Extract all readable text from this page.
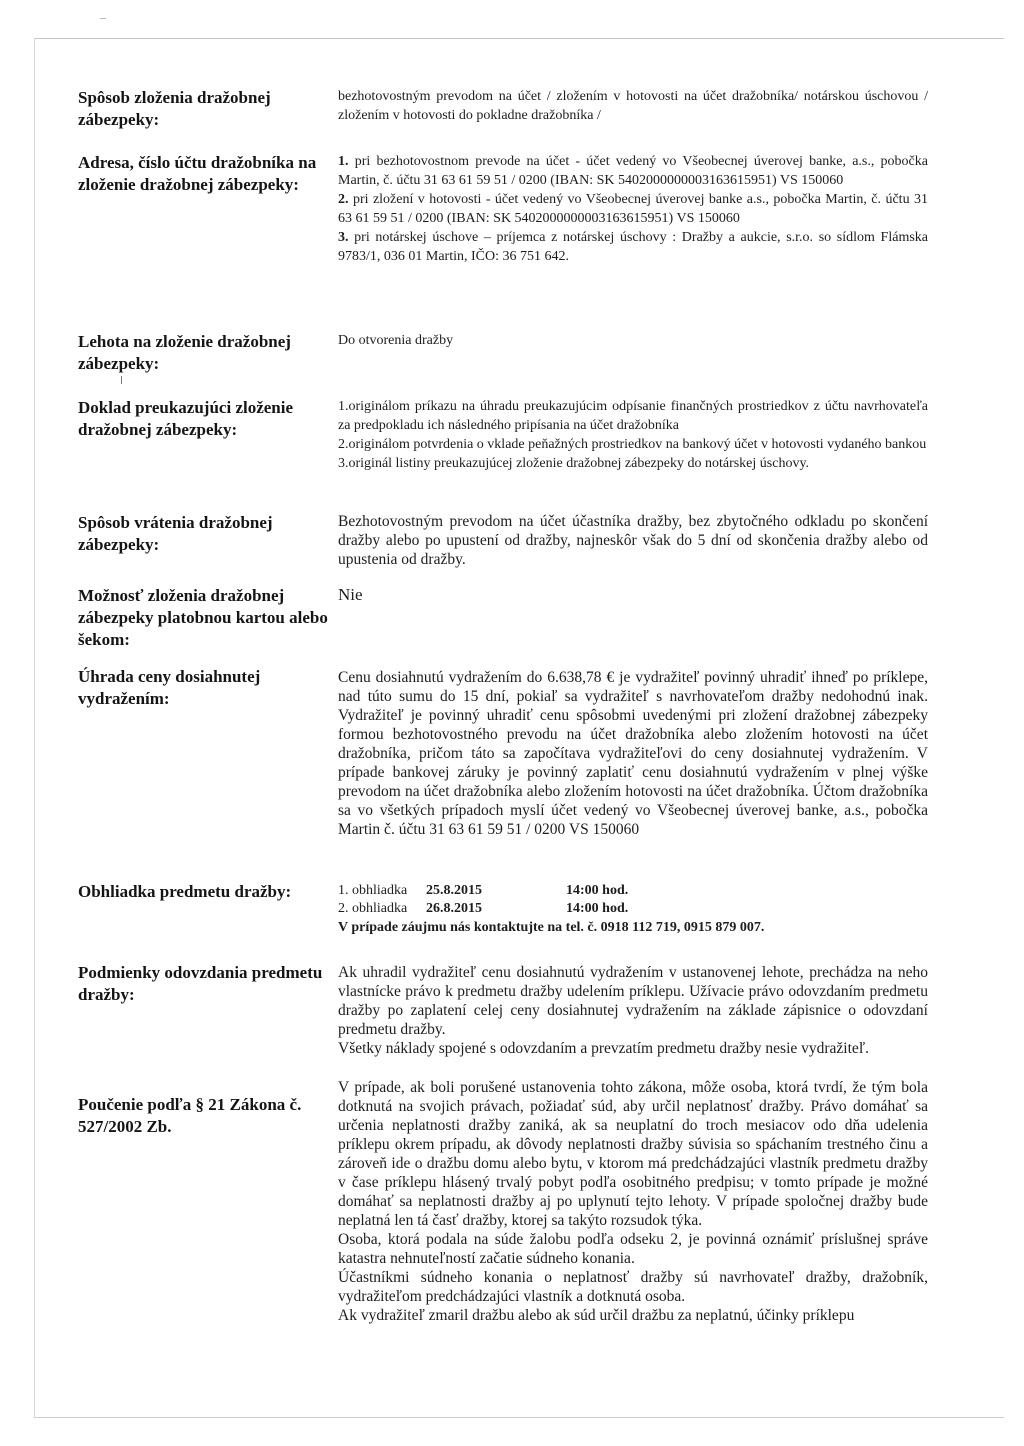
Spôsob zloženia dražobnej zábezpeky:

bezhotovostným prevodom na účet / zložením v hotovosti na účet dražobníka/ notárskou úschovou / zložením v hotovosti do pokladne dražobníka /

Adresa, číslo účtu dražobníka na zloženie dražobnej zábezpeky:

1. pri bezhotovostnom prevode na účet - účet vedený vo Všeobecnej úverovej banke, a.s., pobočka Martin, č. účtu 31 63 61 59 51 / 0200 (IBAN: SK 5402000000003163615951) VS 150060

2. pri zložení v hotovosti - účet vedený vo Všeobecnej úverovej banke a.s., pobočka Martin, č. účtu 31 63 61 59 51 / 0200 (IBAN: SK 5402000000003163615951) VS 150060

3. pri notárskej úschove – príjemca z notárskej úschovy : Dražby a aukcie, s.r.o. so sídlom Flámska 9783/1, 036 01 Martin, IČO: 36 751 642.

Lehota na zloženie dražobnej zábezpeky:

Do otvorenia dražby

Doklad preukazujúci zloženie dražobnej zábezpeky:

1.originálom príkazu na úhradu preukazujúcim odpísanie finančných prostriedkov z účtu navrhovateľa za predpokladu ich následného pripísania na účet dražobníka

2.originálom potvrdenia o vklade peňažných prostriedkov na bankový účet v hotovosti vydaného bankou

3.originál listiny preukazujúcej zloženie dražobnej zábezpeky do notárskej úschovy.

Spôsob vrátenia dražobnej zábezpeky:

Bezhotovostným prevodom na účet účastníka dražby, bez zbytočného odkladu po skončení dražby alebo po upustení od dražby, najneskôr však do 5 dní od skončenia dražby alebo od upustenia od dražby.

Možnosť zloženia dražobnej zábezpeky platobnou kartou alebo šekom:

Nie

Úhrada ceny dosiahnutej vydražením:

Cenu dosiahnutú vydražením do 6.638,78 € je vydražiteľ povinný uhradiť ihneď po príklepe, nad túto sumu do 15 dní, pokiaľ sa vydražiteľ s navrhovateľom dražby nedohodnú inak. Vydražiteľ je povinný uhradiť cenu spôsobmi uvedenými pri zložení dražobnej zábezpeky formou bezhotovostného prevodu na účet dražobníka alebo zložením hotovosti na účet dražobníka, pričom táto sa započítava vydražiteľovi do ceny dosiahnutej vydražením. V prípade bankovej záruky je povinný zaplatiť cenu dosiahnutú vydražením v plnej výške prevodom na účet dražobníka alebo zložením hotovosti na účet dražobníka. Účtom dražobníka sa vo všetkých prípadoch myslí účet vedený vo Všeobecnej úverovej banke, a.s., pobočka Martin č. účtu 31 63 61 59 51 / 0200 VS 150060

Obhliadka predmetu dražby:	1. obhliadka	25.8.2015	14:00 hod.
2. obhliadka	26.8.2015	14:00 hod.

V prípade záujmu nás kontaktujte na tel. č. 0918 112 719, 0915 879 007.

Podmienky odovzdania predmetu dražby:

Ak uhradil vydražiteľ cenu dosiahnutú vydražením v ustanovenej lehote, prechádza na neho vlastnícke právo k predmetu dražby udelením príklepu. Užívacie právo odovzdaním predmetu dražby po zaplatení celej ceny dosiahnutej vydražením na základe zápisnice o odovzdaní predmetu dražby.

Všetky náklady spojené s odovzdaním a prevzatím predmetu dražby nesie vydražiteľ.

Poučenie podľa § 21 Zákona č. 527/2002 Zb.

V prípade, ak boli porušené ustanovenia tohto zákona, môže osoba, ktorá tvrdí, že tým bola dotknutá na svojich právach, požiadať súd, aby určil neplatnosť dražby. Právo domáhať sa určenia neplatnosti dražby zaniká, ak sa neuplatní do troch mesiacov odo dňa udelenia príklepu okrem prípadu, ak dôvody neplatnosti dražby súvisia so spáchaním trestného činu a zároveň ide o dražbu domu alebo bytu, v ktorom má predchádzajúci vlastník predmetu dražby v čase príklepu hlásený trvalý pobyt podľa osobitného predpisu; v tomto prípade je možné domáhať sa neplatnosti dražby aj po uplynutí tejto lehoty. V prípade spoločnej dražby bude neplatná len tá časť dražby, ktorej sa takýto rozsudok týka.

Osoba, ktorá podala na súde žalobu podľa odseku 2, je povinná oznámiť príslušnej správe katastra nehnuteľností začatie súdneho konania.

Účastníkmi súdneho konania o neplatnosť dražby sú navrhovateľ dražby, dražobník, vydražiteľom predchádzajúci vlastník a dotknutá osoba.

Ak vydražiteľ zmaril dražbu alebo ak súd určil dražbu za neplatnú, účinky príklepu
